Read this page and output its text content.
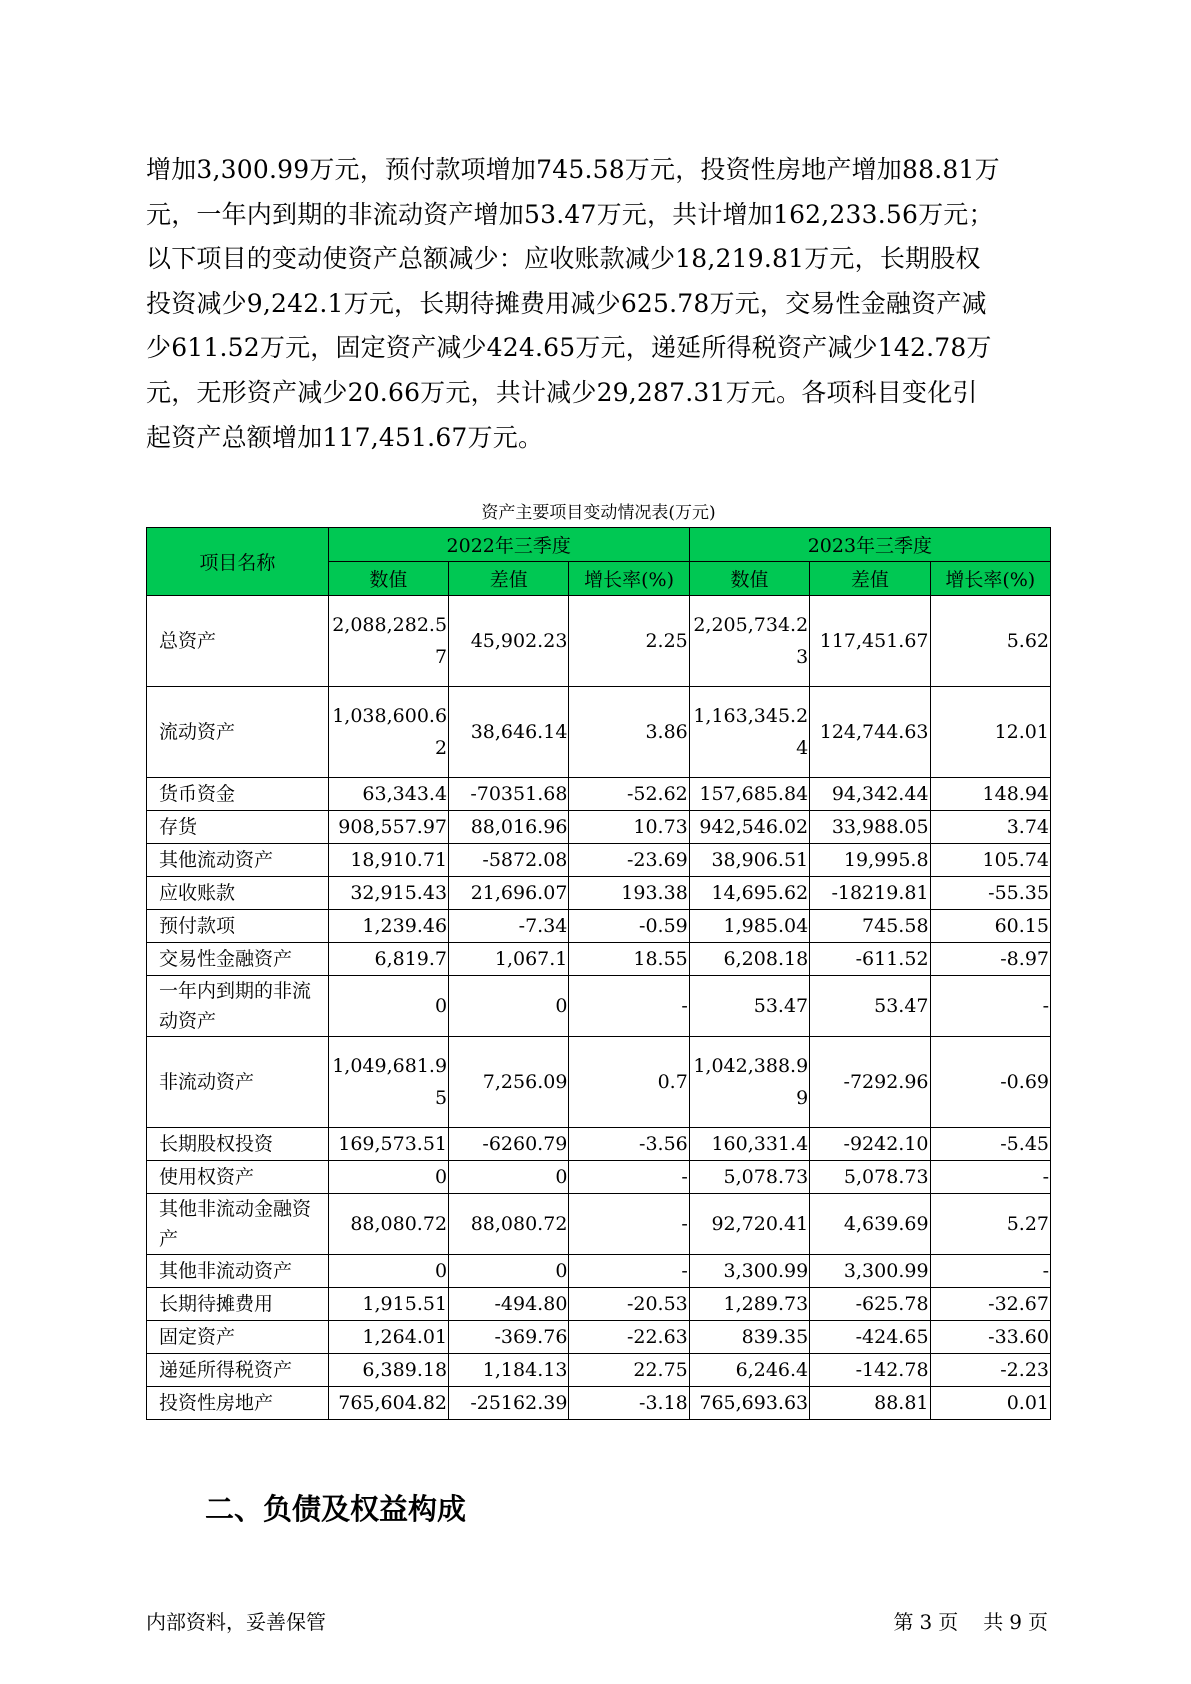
增加3,300.99万元，预付款项增加745.58万元，投资性房地产增加88.81万
元，一年内到期的非流动资产增加53.47万元，共计增加162,233.56万元；
以下项目的变动使资产总额减少：应收账款减少18,219.81万元，长期股权
投资减少9,242.1万元，长期待摊费用减少625.78万元，交易性金融资产减
少611.52万元，固定资产减少424.65万元，递延所得税资产减少142.78万
元，无形资产减少20.66万元，共计减少29,287.31万元。各项科目变化引
起资产总额增加117,451.67万元。
资产主要项目变动情况表(万元)
项目名称	2022年三季度			2023年三季度		
	数值	差值	增长率(%)	数值	差值	增长率(%)
总资产	2,088,282.57	45,902.23	2.25	2,205,734.23	117,451.67	5.62
流动资产	1,038,600.62	38,646.14	3.86	1,163,345.24	124,744.63	12.01
货币资金	63,343.4	-70351.68	-52.62	157,685.84	94,342.44	148.94
存货	908,557.97	88,016.96	10.73	942,546.02	33,988.05	3.74
其他流动资产	18,910.71	-5872.08	-23.69	38,906.51	19,995.8	105.74
应收账款	32,915.43	21,696.07	193.38	14,695.62	-18219.81	-55.35
预付款项	1,239.46	-7.34	-0.59	1,985.04	745.58	60.15
交易性金融资产	6,819.7	1,067.1	18.55	6,208.18	-611.52	-8.97
一年内到期的非流动资产	0	0	-	53.47	53.47	-
非流动资产	1,049,681.95	7,256.09	0.7	1,042,388.99	-7292.96	-0.69
长期股权投资	169,573.51	-6260.79	-3.56	160,331.4	-9242.10	-5.45
使用权资产	0	0	-	5,078.73	5,078.73	-
其他非流动金融资产	88,080.72	88,080.72	-	92,720.41	4,639.69	5.27
其他非流动资产	0	0	-	3,300.99	3,300.99	-
长期待摊费用	1,915.51	-494.80	-20.53	1,289.73	-625.78	-32.67
固定资产	1,264.01	-369.76	-22.63	839.35	-424.65	-33.60
递延所得税资产	6,389.18	1,184.13	22.75	6,246.4	-142.78	-2.23
投资性房地产	765,604.82	-25162.39	-3.18	765,693.63	88.81	0.01
二、负债及权益构成
内部资料，妥善保管	第 3 页 共 9 页
